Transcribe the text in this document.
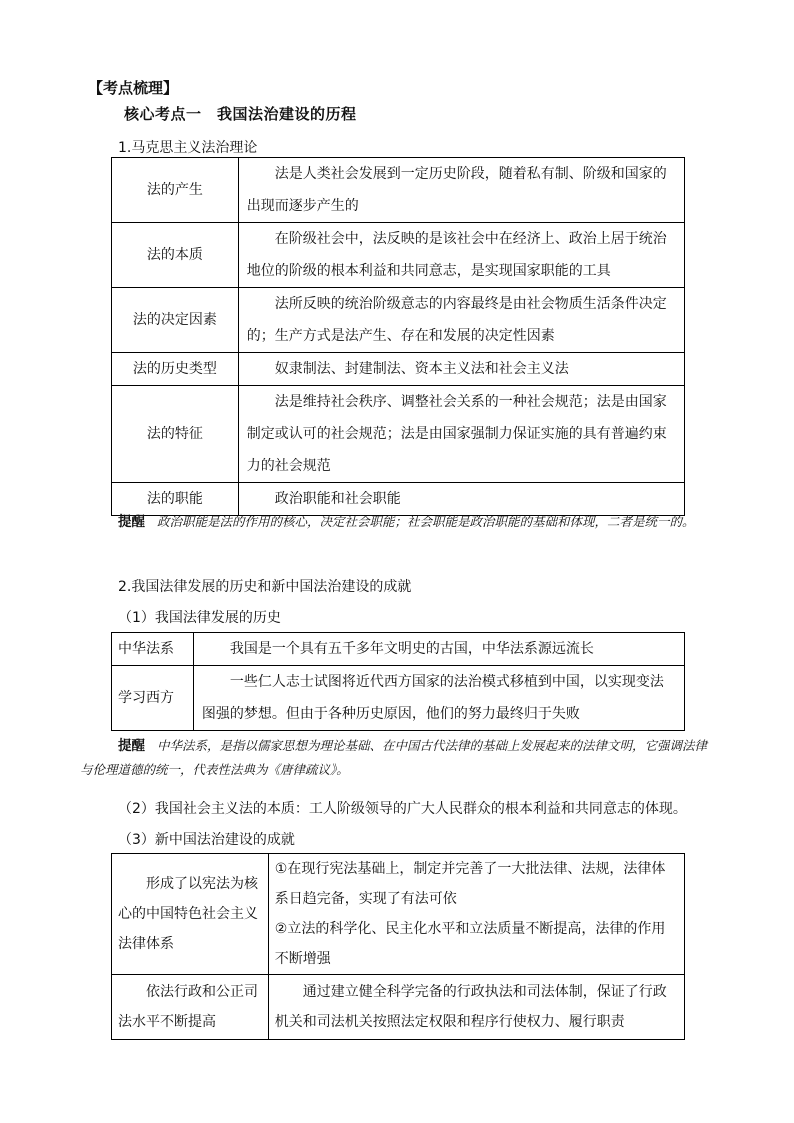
【考点梳理】
核心考点一　我国法治建设的历程
1.马克思主义法治理论
法的产生	法是人类社会发展到一定历史阶段，随着私有制、阶级和国家的出现而逐步产生的
法的本质	在阶级社会中，法反映的是该社会中在经济上、政治上居于统治地位的阶级的根本利益和共同意志，是实现国家职能的工具
法的决定因素	法所反映的统治阶级意志的内容最终是由社会物质生活条件决定的；生产方式是法产生、存在和发展的决定性因素
法的历史类型	奴隶制法、封建制法、资本主义法和社会主义法
法的特征	法是维持社会秩序、调整社会关系的一种社会规范；法是由国家制定或认可的社会规范；法是由国家强制力保证实施的具有普遍约束力的社会规范
法的职能	政治职能和社会职能
提醒 政治职能是法的作用的核心，决定社会职能；社会职能是政治职能的基础和体现，二者是统一的。
2.我国法律发展的历史和新中国法治建设的成就
（1）我国法律发展的历史
中华法系	我国是一个具有五千多年文明史的古国，中华法系源远流长
学习西方	一些仁人志士试图将近代西方国家的法治模式移植到中国，以实现变法图强的梦想。但由于各种历史原因，他们的努力最终归于失败
提醒 中华法系，是指以儒家思想为理论基础、在中国古代法律的基础上发展起来的法律文明，它强调法律与伦理道德的统一，代表性法典为《唐律疏议》。
（2）我国社会主义法的本质：工人阶级领导的广大人民群众的根本利益和共同意志的体现。
（3）新中国法治建设的成就
形成了以宪法为核心的中国特色社会主义法律体系	①在现行宪法基础上，制定并完善了一大批法律、法规，法律体系日趋完备，实现了有法可依
②立法的科学化、民主化水平和立法质量不断提高，法律的作用不断增强

依法行政和公正司法水平不断提高	通过建立健全科学完备的行政执法和司法体制，保证了行政机关和司法机关按照法定权限和程序行使权力、履行职责
